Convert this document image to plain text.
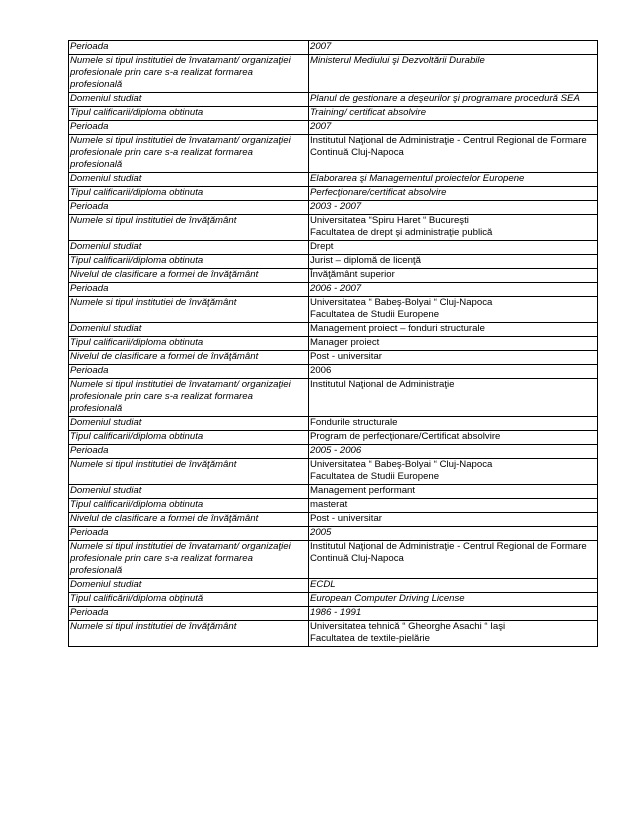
Perioada	2007

Numele si tipul institutiei de învatamant/ organizaţiei profesionale prin care s-a realizat formarea profesională	Ministerul Mediului şi Dezvoltării Durabile

Domeniul studiat	Planul de gestionare a deşeurilor şi programare procedură SEA

Tipul calificarii/diploma obtinuta	Training/ certificat absolvire

Perioada	2007

Numele si tipul institutiei de învatamant/ organizaţiei profesionale prin care s-a realizat formarea profesională	Institutul Naţional de Administraţie - Centrul Regional de Formare Continuă Cluj-Napoca

Domeniul studiat	Elaborarea şi Managementul proiectelor Europene

Tipul calificarii/diploma obtinuta	Perfecţionare/certificat absolvire

Perioada	2003 - 2007

Numele si tipul institutiei de învăţământ	Universitatea “Spiru Haret “ Bucureşti
Facultatea de drept şi administraţie publică

Domeniul studiat	Drept

Tipul calificarii/diploma obtinuta	Jurist – diplomă de licenţă

Nivelul de clasificare a formei de învăţământ	Învăţământ superior

Perioada	2006 - 2007

Numele si tipul institutiei de învăţământ	Universitatea “ Babeş-Bolyai “ Cluj-Napoca
Facultatea de Studii Europene

Domeniul studiat	Management proiect – fonduri structurale

Tipul calificarii/diploma obtinuta	Manager proiect

Nivelul de clasificare a formei de învăţământ	Post - universitar

Perioada	2006

Numele si tipul institutiei de învatamant/ organizaţiei profesionale prin care s-a realizat formarea profesională	Institutul Naţional de Administraţie

Domeniul studiat	Fondurile structurale

Tipul calificarii/diploma obtinuta	Program de perfecţionare/Certificat absolvire

Perioada	2005 - 2006

Numele si tipul institutiei de învăţământ	Universitatea “ Babeş-Bolyai “ Cluj-Napoca
Facultatea de Studii Europene

Domeniul studiat	Management performant

Tipul calificarii/diploma obtinuta	masterat

Nivelul de clasificare a formei de învăţământ	Post - universitar

Perioada	2005

Numele si tipul institutiei de învatamant/ organizaţiei profesionale prin care s-a realizat formarea profesională	Institutul Naţional de Administraţie - Centrul Regional de Formare Continuă Cluj-Napoca

Domeniul studiat	ECDL

Tipul calificării/diploma obţinută	European Computer Driving License

Perioada	1986 - 1991

Numele si tipul institutiei de învăţământ	Universitatea tehnică “ Gheorghe Asachi “ Iaşi
Facultatea de textile-pielărie
